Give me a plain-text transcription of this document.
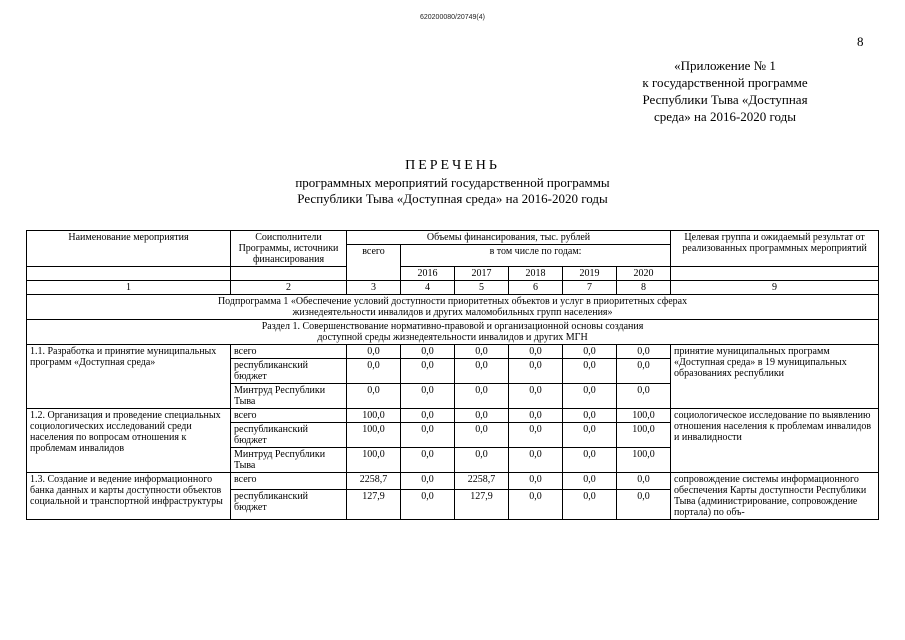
620200080/20749(4)
8
«Приложение № 1
к государственной программе
Республики Тыва «Доступная
среда» на 2016-2020 годы
ПЕРЕЧЕНЬ
программных мероприятий государственной программы
Республики Тыва «Доступная среда» на 2016-2020 годы
Наименование мероприятия	Соисполнители Программы, источники финансирования	Объемы финансирования, тыс. рублей						Целевая группа и ожидаемый результат от реализованных программных мероприятий
		всего	в том числе по годам:					
			2016	2017	2018	2019	2020	
1	2	3	4	5	6	7	8	9
Подпрограмма 1 «Обеспечение условий доступности приоритетных объектов и услуг в приоритетных сферах жизнедеятельности инвалидов и других маломобильных групп населения»								
Раздел 1. Совершенствование нормативно-правовой и организационной основы создания доступной среды жизнедеятельности инвалидов и других МГН								
1.1. Разработка и принятие муниципальных программ «Доступная среда»	всего	0,0	0,0	0,0	0,0	0,0	0,0	принятие муниципальных программ «Доступная среда» в 19 муниципальных образованиях республики
	республиканский бюджет	0,0	0,0	0,0	0,0	0,0	0,0	
	Минтруд Республики Тыва	0,0	0,0	0,0	0,0	0,0	0,0	
1.2. Организация и проведение специальных социологических исследований среди населения по вопросам отношения к проблемам инвалидов	всего	100,0	0,0	0,0	0,0	0,0	100,0	социологическое исследование по выявлению отношения населения к проблемам инвалидов и инвалидности
	республиканский бюджет	100,0	0,0	0,0	0,0	0,0	100,0	
	Минтруд Республики Тыва	100,0	0,0	0,0	0,0	0,0	100,0	
1.3. Создание и ведение информационного банка данных и карты доступности объектов социальной и транспортной инфраструктуры	всего	2258,7	0,0	2258,7	0,0	0,0	0,0	сопровождение системы информационного обеспечения Карты доступности Республики Тыва (администрирование, сопровождение портала) по объ-
	республиканский бюджет	127,9	0,0	127,9	0,0	0,0	0,0	
